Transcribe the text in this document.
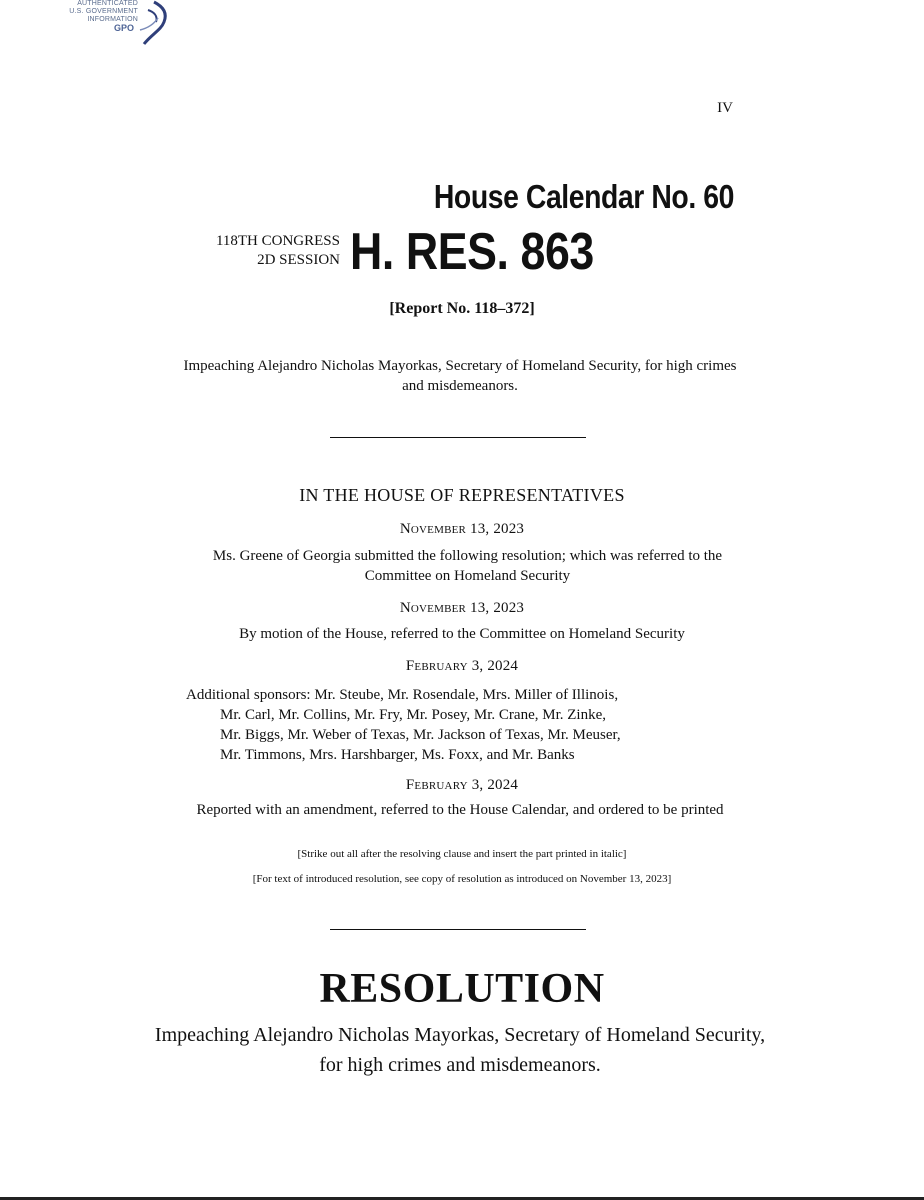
AUTHENTICATED
U.S. GOVERNMENT
INFORMATION
GPO
IV
House Calendar No. 60
118TH CONGRESS
2D SESSION H. RES. 863
[Report No. 118–372]
Impeaching Alejandro Nicholas Mayorkas, Secretary of Homeland Security, for high crimes and misdemeanors.
IN THE HOUSE OF REPRESENTATIVES
November 13, 2023
Ms. Greene of Georgia submitted the following resolution; which was referred to the Committee on Homeland Security
November 13, 2023
By motion of the House, referred to the Committee on Homeland Security
February 3, 2024
Additional sponsors: Mr. Steube, Mr. Rosendale, Mrs. Miller of Illinois,
Mr. Carl, Mr. Collins, Mr. Fry, Mr. Posey, Mr. Crane, Mr. Zinke,
Mr. Biggs, Mr. Weber of Texas, Mr. Jackson of Texas, Mr. Meuser,
Mr. Timmons, Mrs. Harshbarger, Ms. Foxx, and Mr. Banks
February 3, 2024
Reported with an amendment, referred to the House Calendar, and ordered to be printed
[Strike out all after the resolving clause and insert the part printed in italic]
[For text of introduced resolution, see copy of resolution as introduced on November 13, 2023]
RESOLUTION
Impeaching Alejandro Nicholas Mayorkas, Secretary of Homeland Security, for high crimes and misdemeanors.
